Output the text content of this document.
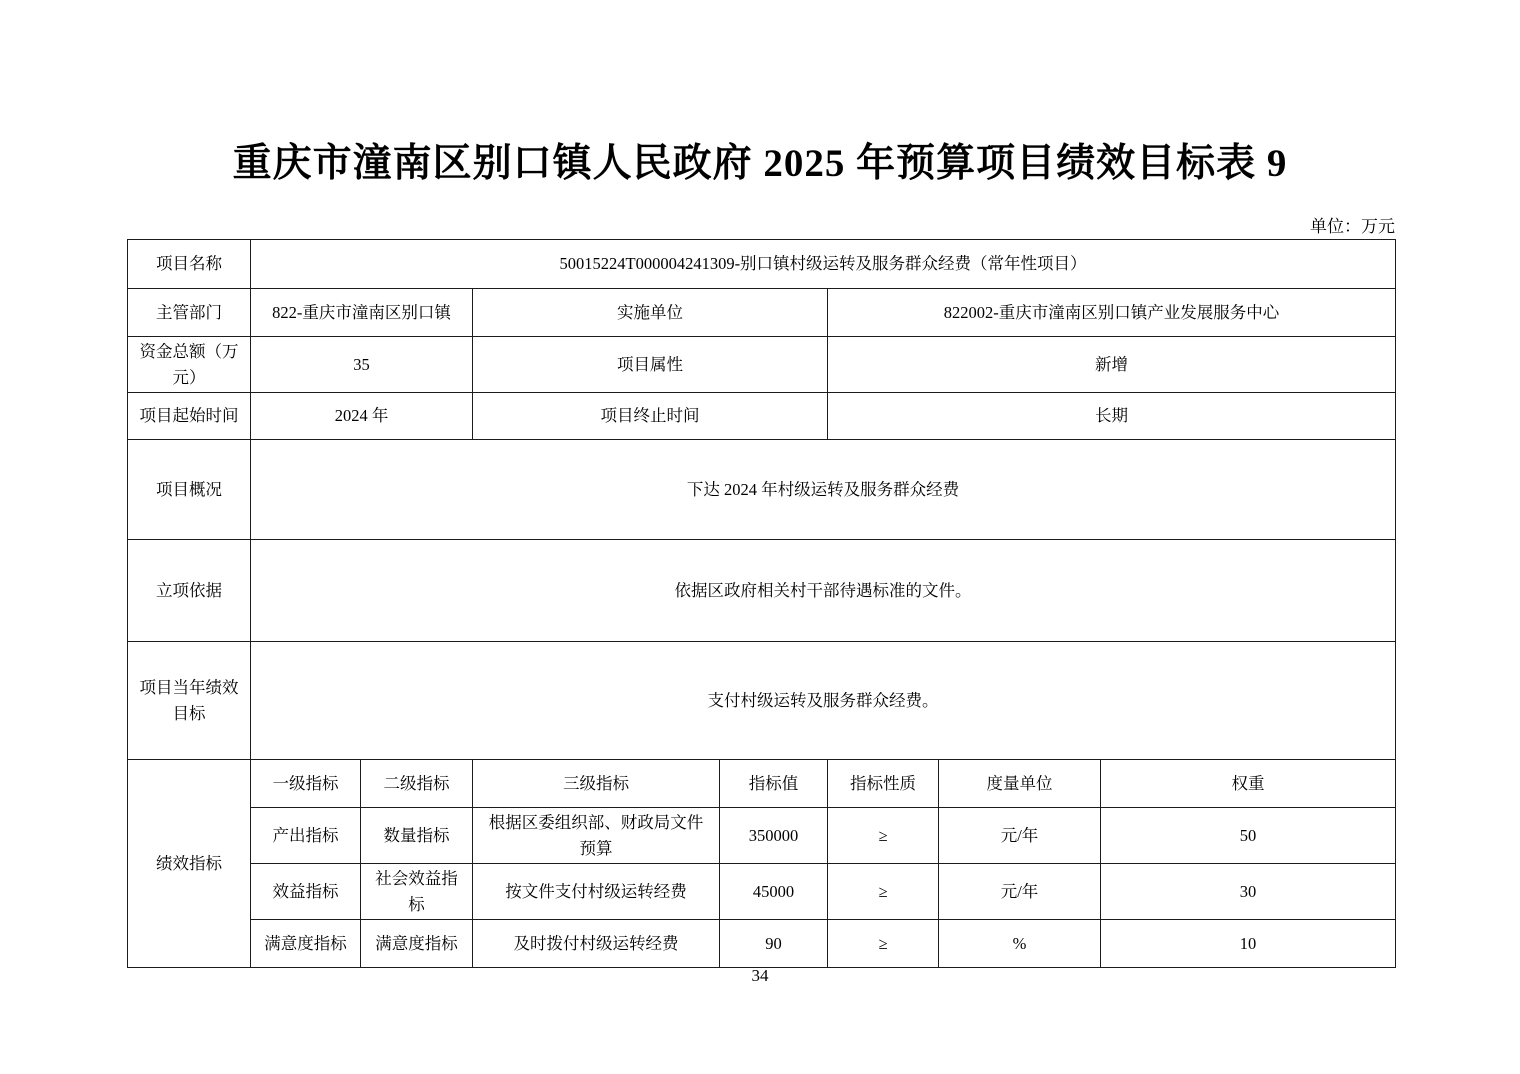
重庆市潼南区别口镇人民政府 2025 年预算项目绩效目标表 9
单位：万元
项目名称	50015224T000004241309-别口镇村级运转及服务群众经费（常年性项目）						
主管部门	822-重庆市潼南区别口镇		实施单位		822002-重庆市潼南区别口镇产业发展服务中心		
资金总额（万元）	35		项目属性		新增		
项目起始时间	2024 年		项目终止时间		长期		
项目概况	下达 2024 年村级运转及服务群众经费						
立项依据	依据区政府相关村干部待遇标准的文件。						
项目当年绩效目标	支付村级运转及服务群众经费。						
绩效指标	一级指标	二级指标	三级指标	指标值	指标性质	度量单位	权重
	产出指标	数量指标	根据区委组织部、财政局文件预算	350000	≥	元/年	50
	效益指标	社会效益指标	按文件支付村级运转经费	45000	≥	元/年	30
	满意度指标	满意度指标	及时拨付村级运转经费	90	≥	%	10
34
